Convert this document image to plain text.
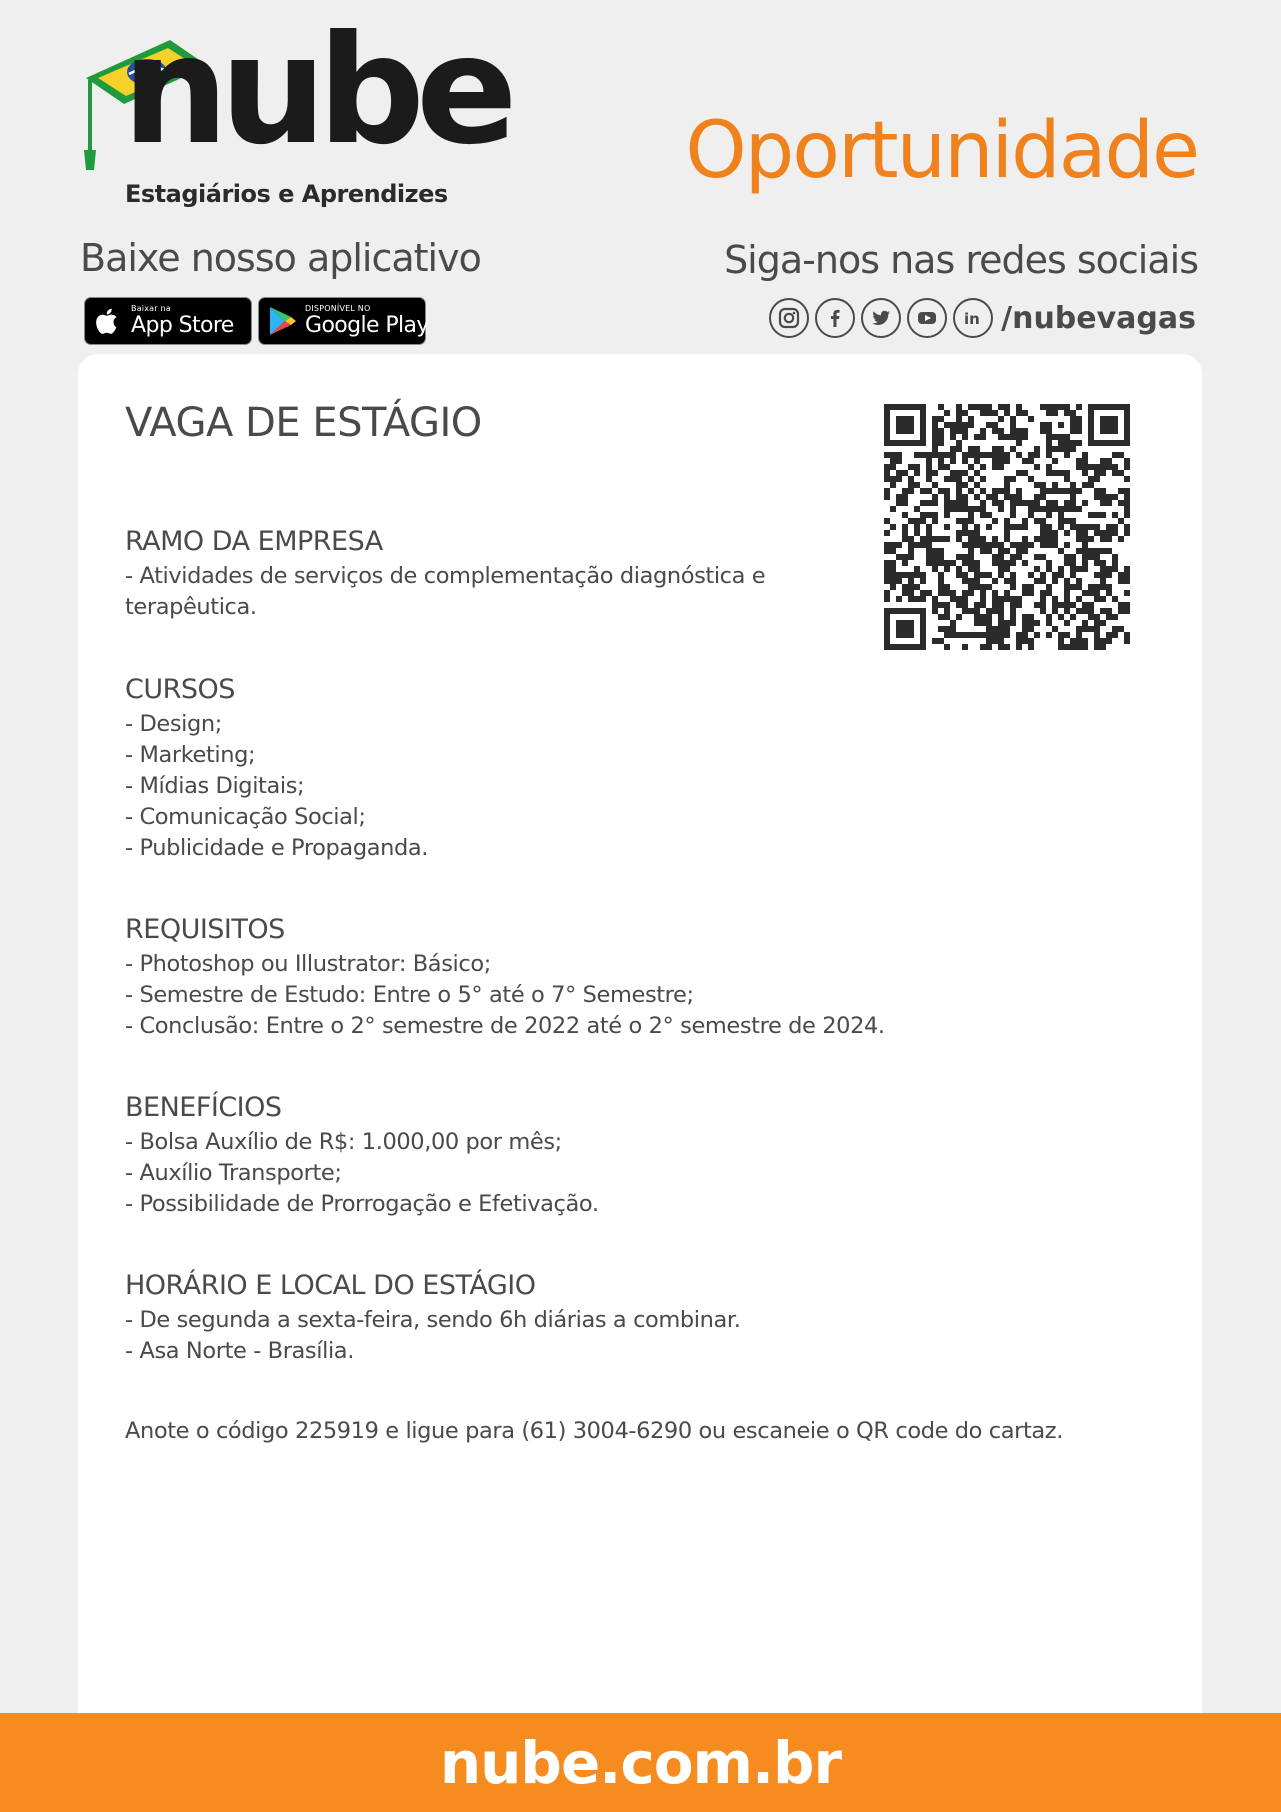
nube
Estagiários e Aprendizes	Oportunidade
Baixe nosso aplicativo	Siga-nos nas redes sociais
Baixar na
App Store
DISPONÍVEL NO
Google Play	in /nubevagas
VAGA DE ESTÁGIO
RAMO DA EMPRESA
- Atividades de serviços de complementação diagnóstica e
terapêutica.
CURSOS
- Design;
- Marketing;
- Mídias Digitais;
- Comunicação Social;
- Publicidade e Propaganda.
REQUISITOS
- Photoshop ou Illustrator: Básico;
- Semestre de Estudo: Entre o 5° até o 7° Semestre;
- Conclusão: Entre o 2° semestre de 2022 até o 2° semestre de 2024.
BENEFÍCIOS
- Bolsa Auxílio de R$: 1.000,00 por mês;
- Auxílio Transporte;
- Possibilidade de Prorrogação e Efetivação.
HORÁRIO E LOCAL DO ESTÁGIO
- De segunda a sexta-feira, sendo 6h diárias a combinar.
- Asa Norte - Brasília.
Anote o código 225919 e ligue para (61) 3004-6290 ou escaneie o QR code do cartaz.
nube.com.br
